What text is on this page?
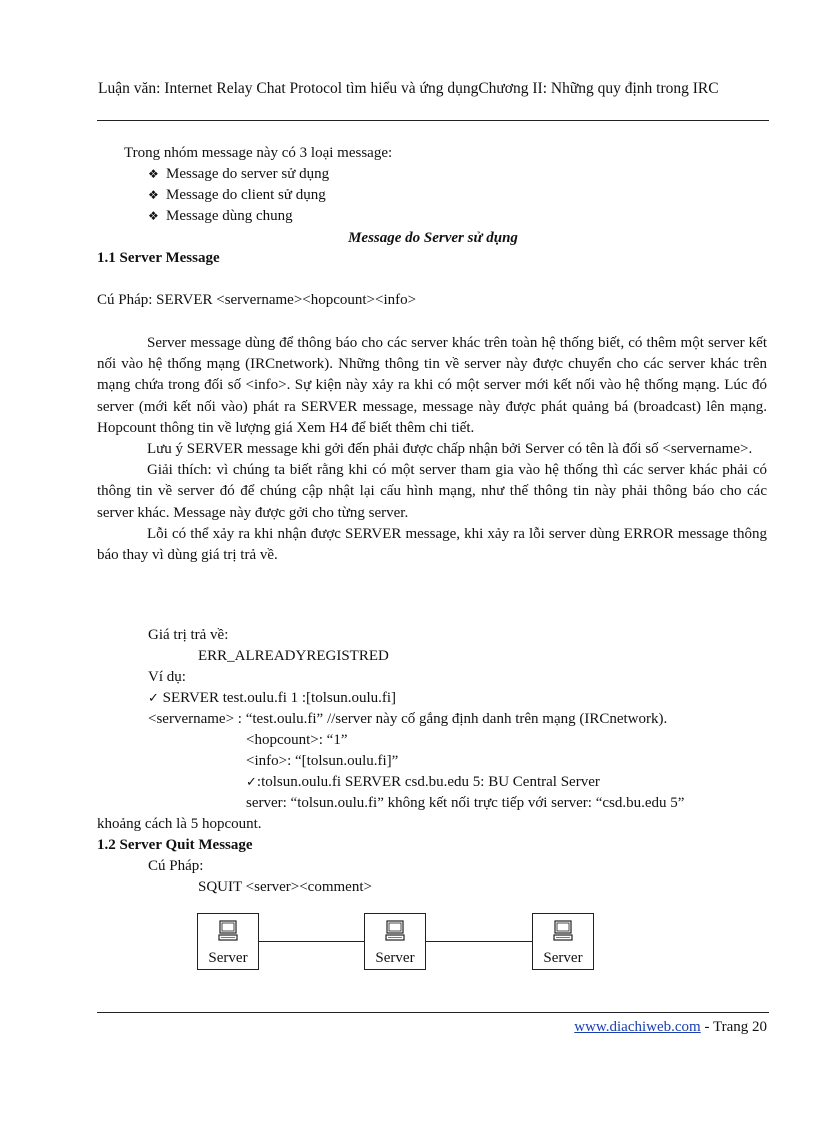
Luận văn: Internet Relay Chat Protocol tìm hiểu và ứng dụngChương II: Những quy định trong IRC
Trong nhóm message này có 3 loại message:
❖ Message do server sử dụng
❖ Message do client sử dụng
❖ Message dùng chung
Message do Server sử dụng
1.1 Server Message
Cú Pháp: SERVER <servername><hopcount><info>

Server message dùng để thông báo cho các server khác trên toàn hệ thống biết, có thêm một server kết nối vào hệ thống mạng (IRCnetwork). Những thông tin về server này được chuyển cho các server khác trên mạng chứa trong đối số <info>. Sự kiện này xảy ra khi có một server mới kết nối vào hệ thống mạng. Lúc đó server (mới kết nối vào) phát ra SERVER message, message này được phát quảng bá (broadcast) lên mạng. Hopcount thông tin về lượng giá Xem H4 để biết thêm chi tiết.

Lưu ý SERVER message khi gởi đến phải được chấp nhận bởi Server có tên là đối số <servername>.

Giải thích: vì chúng ta biết rằng khi có một server tham gia vào hệ thống thì các server khác phải có thông tin về server đó để chúng cập nhật lại cấu hình mạng, như thế thông tin này phải thông báo cho các server khác. Message này được gởi cho từng server.

Lỗi có thể xảy ra khi nhận được SERVER message, khi xảy ra lỗi server dùng ERROR message thông báo thay vì dùng giá trị trả về.

Giá trị trả về:
ERR_ALREADYREGISTRED
Ví dụ:
✓ SERVER test.oulu.fi 1 :[tolsun.oulu.fi]
<servername> : “test.oulu.fi” //server này cố gắng định danh trên mạng (IRCnetwork).
<hopcount>: “1”
<info>: “[tolsun.oulu.fi]”
✓:tolsun.oulu.fi SERVER csd.bu.edu 5: BU Central Server
server: “tolsun.oulu.fi” không kết nối trực tiếp với server: “csd.bu.edu 5”
khoảng cách là 5 hopcount.
1.2 Server Quit Message
Cú Pháp:
SQUIT <server><comment>
Server	Server	Server
www.diachiweb.com - Trang 20
